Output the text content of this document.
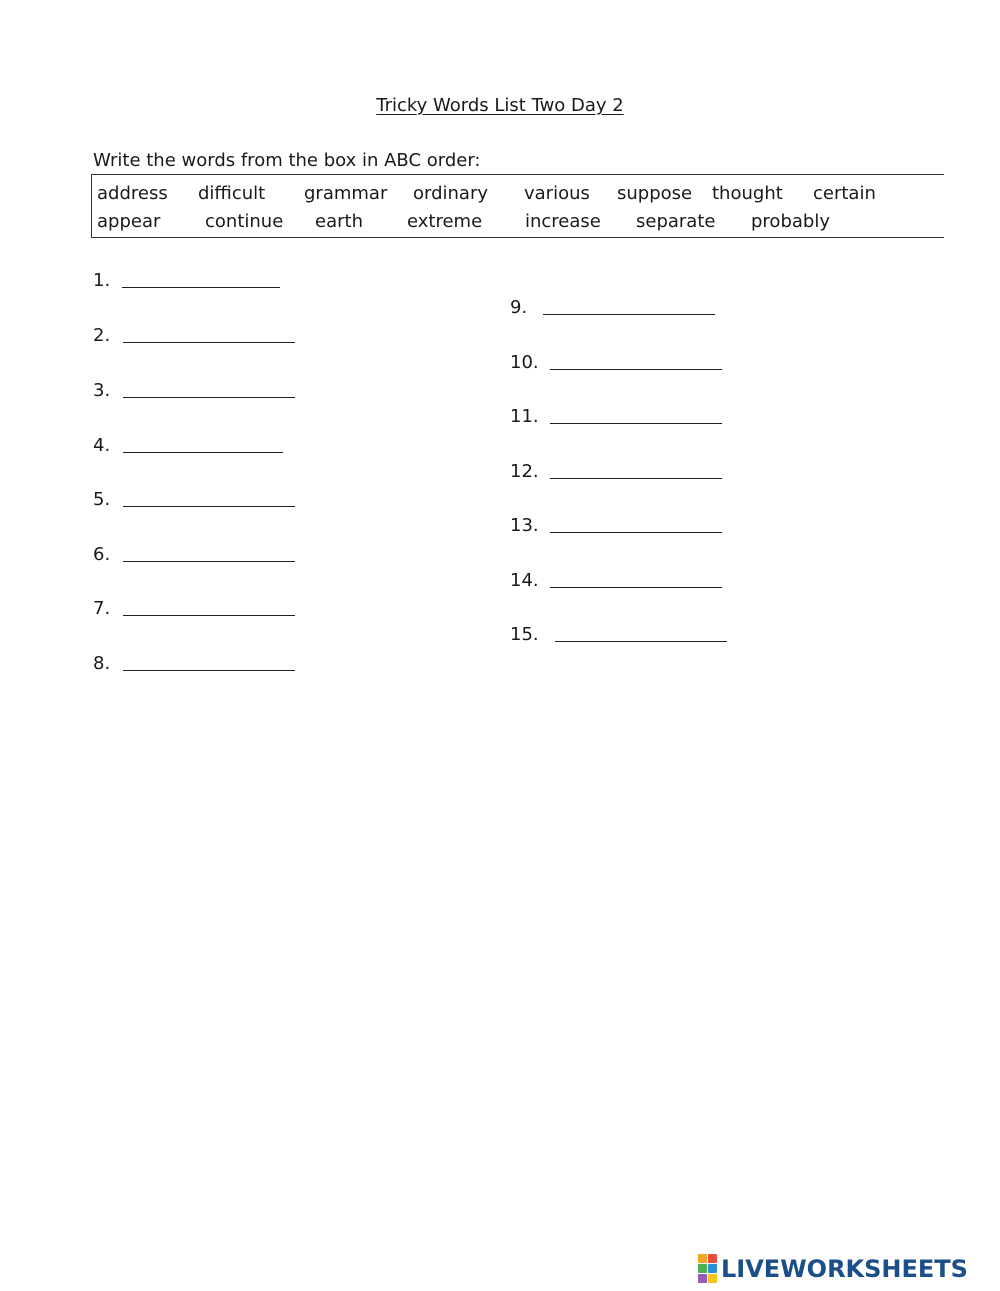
Tricky Words List Two Day 2
Write the words from the box in ABC order:
address difficult grammar ordinary various suppose thought certain
appear continue earth extreme increase separate probably
1.
2.
3.
4.
5.
6.
7.
8.
9.
10.
11.
12.
13.
14.
15.
LIVEWORKSHEETS
